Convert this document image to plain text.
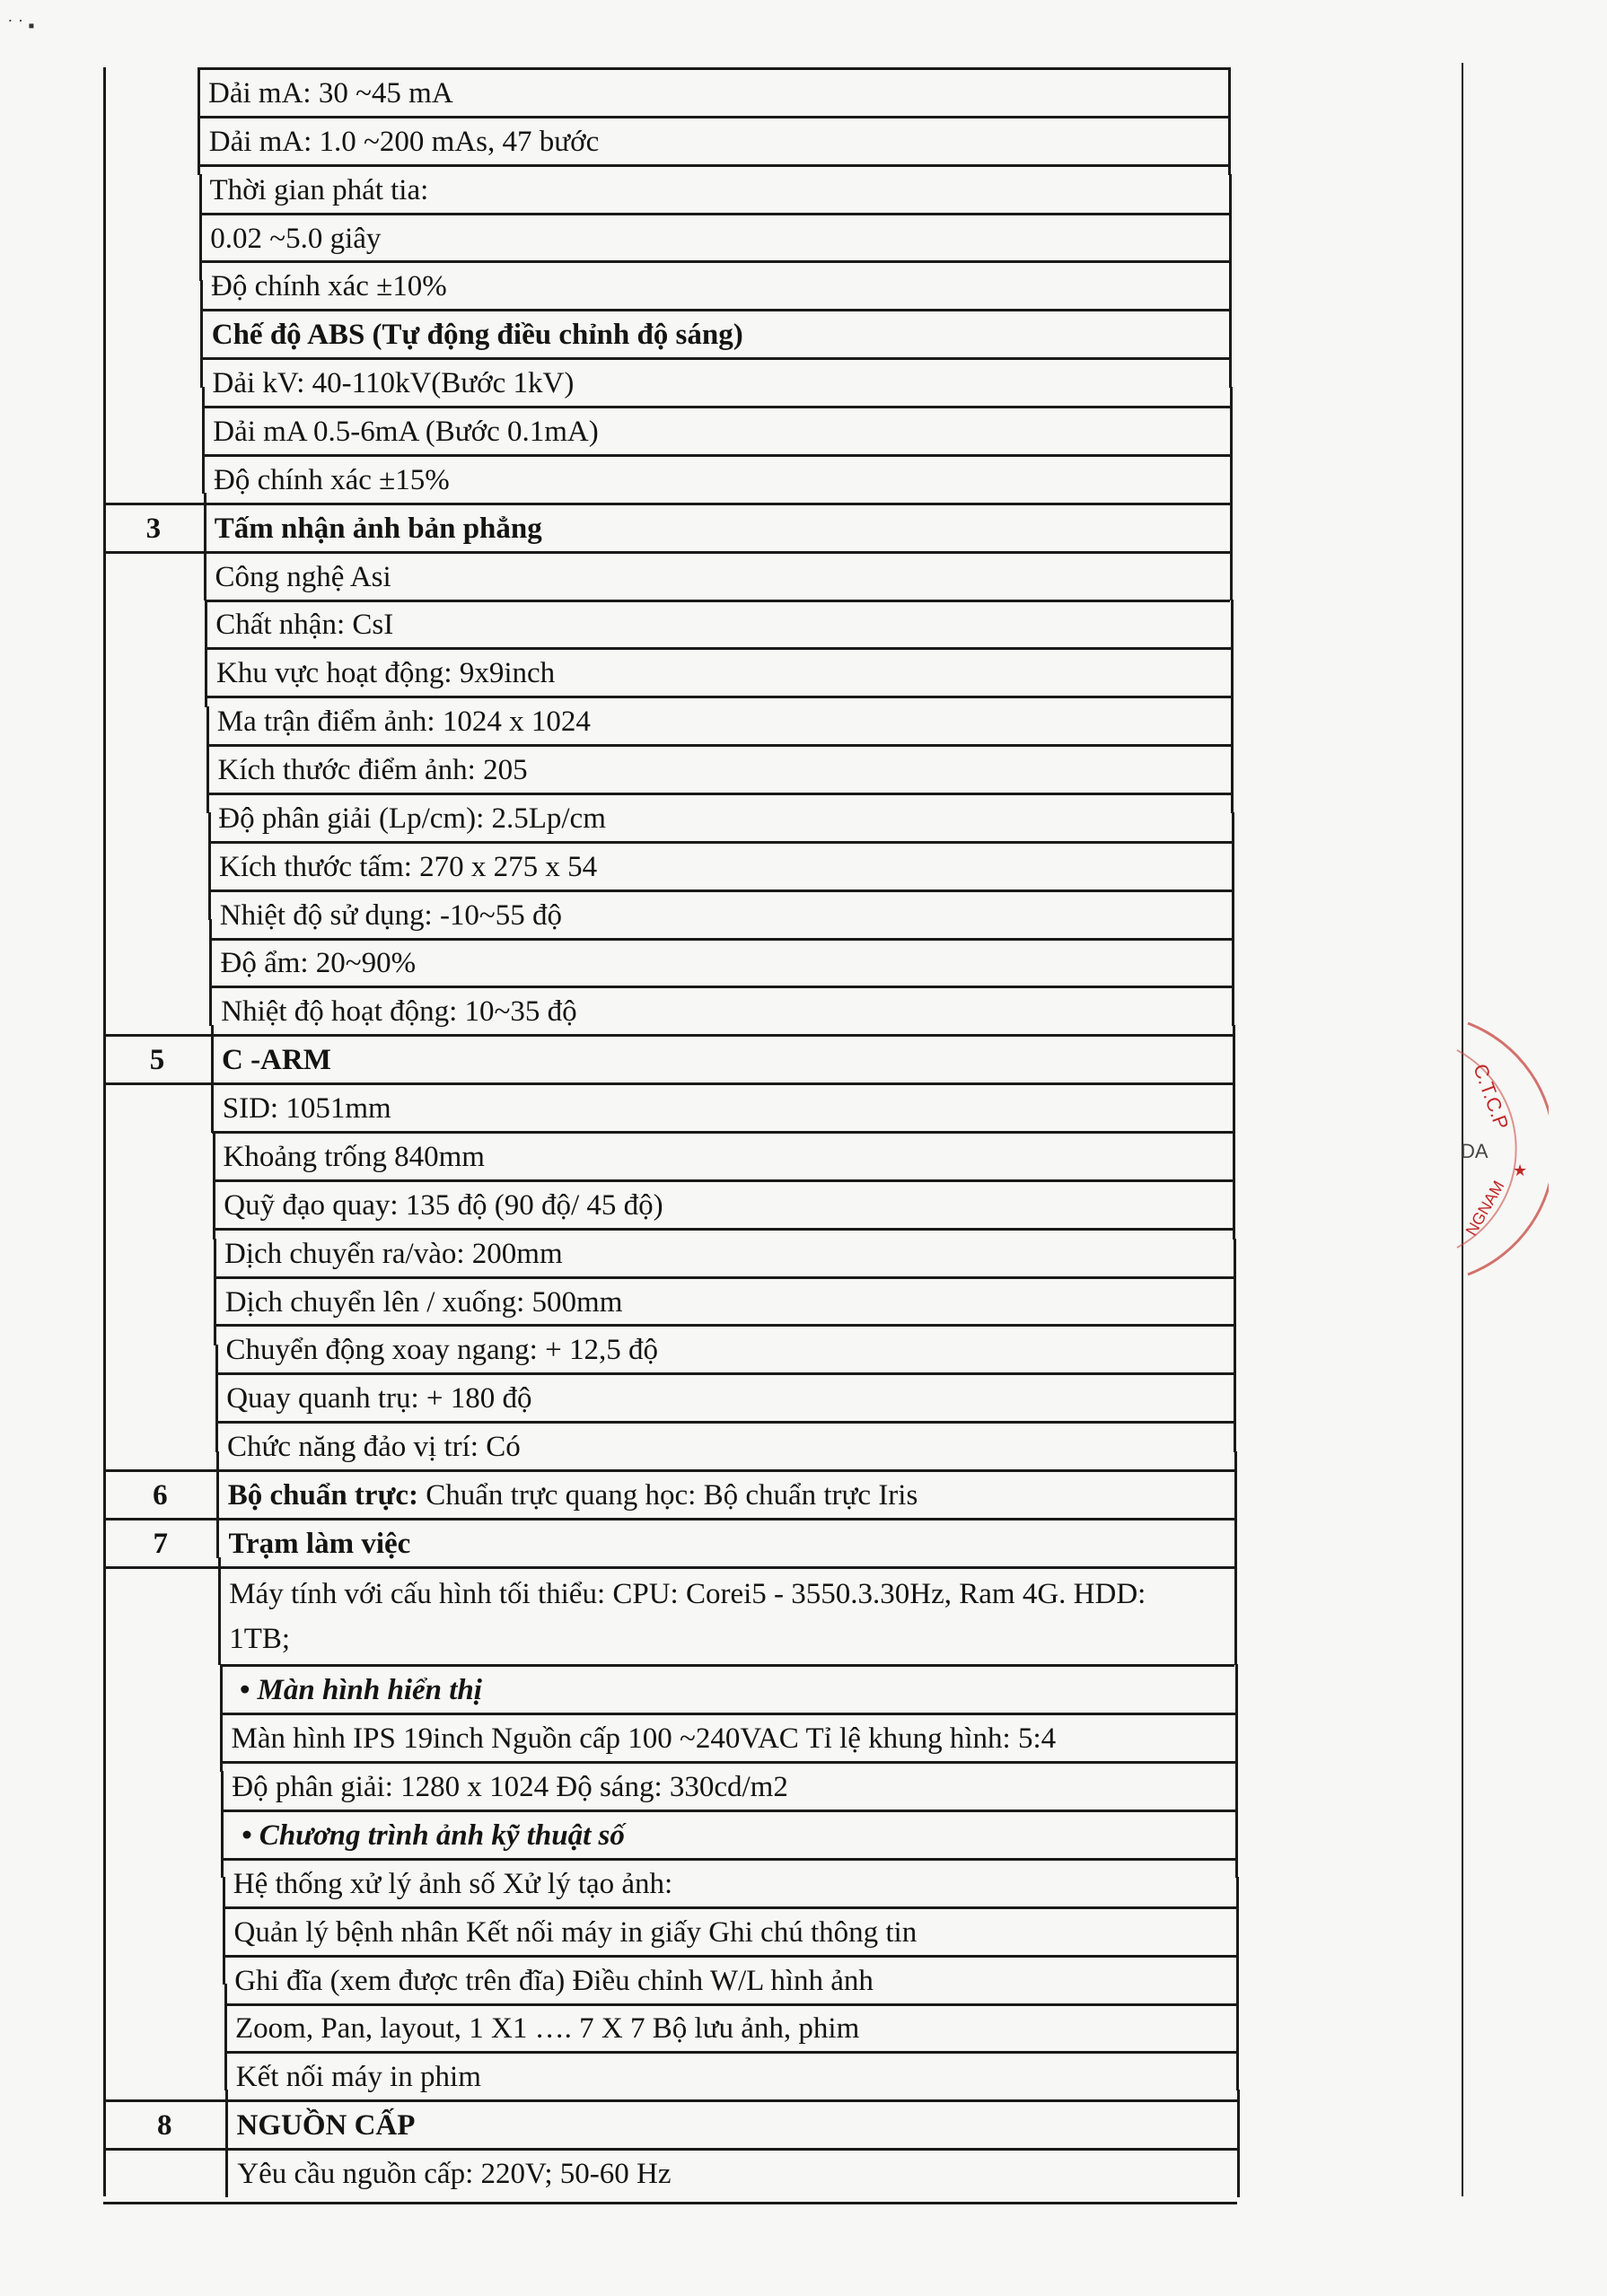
˙ ˙ ▪
Dải mA: 30 ~45 mA
Dải mA: 1.0 ~200 mAs, 47 bước
Thời gian phát tia:
0.02 ~5.0 giây
Độ chính xác ±10%
Chế độ ABS (Tự động điều chỉnh độ sáng)
Dải kV: 40-110kV(Bước 1kV)
Dải mA 0.5-6mA (Bước 0.1mA)
Độ chính xác ±15%
3	Tấm nhận ảnh bản phẳng
Công nghệ Asi
Chất nhận: CsI
Khu vực hoạt động: 9x9inch
Ma trận điểm ảnh: 1024 x 1024
Kích thước điểm ảnh: 205
Độ phân giải (Lp/cm): 2.5Lp/cm
Kích thước tấm: 270 x 275 x 54
Nhiệt độ sử dụng: -10~55 độ
Độ ẩm: 20~90%
Nhiệt độ hoạt động: 10~35 độ
5	C -ARM
SID: 1051mm
Khoảng trống 840mm
Quỹ đạo quay: 135 độ (90 độ/ 45 độ)
Dịch chuyển ra/vào: 200mm
Dịch chuyển lên / xuống: 500mm
Chuyển động xoay ngang: + 12,5 độ
Quay quanh trụ: + 180 độ
Chức năng đảo vị trí: Có
6	Bộ chuẩn trực: Chuẩn trực quang học: Bộ chuẩn trực Iris
7	Trạm làm việc
Máy tính với cấu hình tối thiểu: CPU: Corei5 - 3550.3.30Hz, Ram 4G. HDD: 1TB;
• Màn hình hiển thị
Màn hình IPS 19inch Nguồn cấp 100 ~240VAC Tỉ lệ khung hình: 5:4
Độ phân giải: 1280 x 1024 Độ sáng: 330cd/m2
• Chương trình ảnh kỹ thuật số
Hệ thống xử lý ảnh số Xử lý tạo ảnh:
Quản lý bệnh nhân Kết nối máy in giấy Ghi chú thông tin
Ghi đĩa (xem được trên đĩa) Điều chỉnh W/L hình ảnh
Zoom, Pan, layout, 1 X1 …. 7 X 7 Bộ lưu ảnh, phim
Kết nối máy in phim
8	NGUỒN CẤP
Yêu cầu nguồn cấp: 220V; 50-60 Hz
C.T.C.P
DA
★
NGNAM
